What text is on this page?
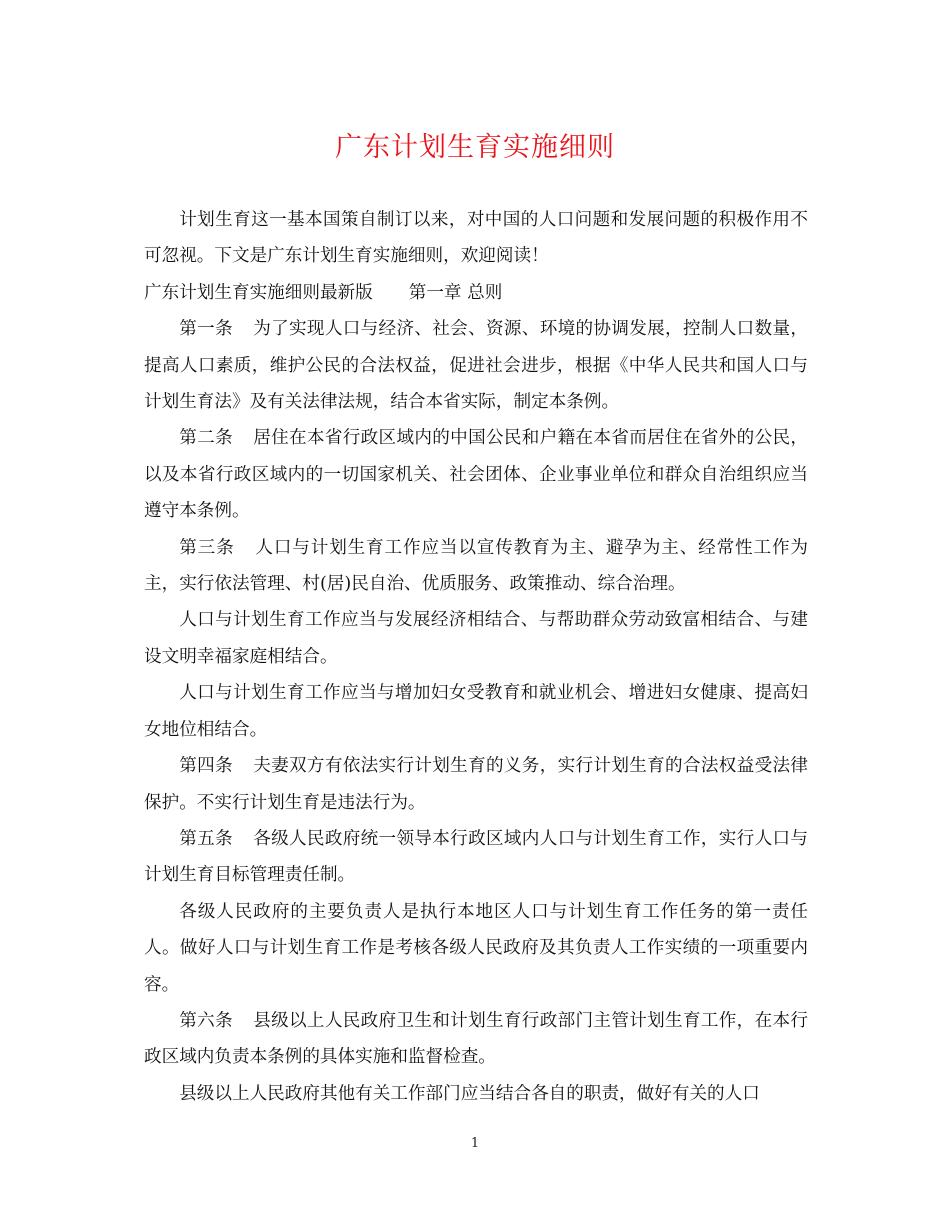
广东计划生育实施细则

计划生育这一基本国策自制订以来，对中国的人口问题和发展问题的积极作用不可忽视。下文是广东计划生育实施细则，欢迎阅读！

广东计划生育实施细则最新版 第一章 总则

第一条 为了实现人口与经济、社会、资源、环境的协调发展，控制人口数量，提高人口素质，维护公民的合法权益，促进社会进步，根据《中华人民共和国人口与计划生育法》及有关法律法规，结合本省实际，制定本条例。

第二条 居住在本省行政区域内的中国公民和户籍在本省而居住在省外的公民，以及本省行政区域内的一切国家机关、社会团体、企业事业单位和群众自治组织应当遵守本条例。

第三条 人口与计划生育工作应当以宣传教育为主、避孕为主、经常性工作为主，实行依法管理、村(居)民自治、优质服务、政策推动、综合治理。

人口与计划生育工作应当与发展经济相结合、与帮助群众劳动致富相结合、与建设文明幸福家庭相结合。

人口与计划生育工作应当与增加妇女受教育和就业机会、增进妇女健康、提高妇女地位相结合。

第四条 夫妻双方有依法实行计划生育的义务，实行计划生育的合法权益受法律保护。不实行计划生育是违法行为。

第五条 各级人民政府统一领导本行政区域内人口与计划生育工作，实行人口与计划生育目标管理责任制。

各级人民政府的主要负责人是执行本地区人口与计划生育工作任务的第一责任人。做好人口与计划生育工作是考核各级人民政府及其负责人工作实绩的一项重要内容。

第六条 县级以上人民政府卫生和计划生育行政部门主管计划生育工作，在本行政区域内负责本条例的具体实施和监督检查。

县级以上人民政府其他有关工作部门应当结合各自的职责，做好有关的人口

1
